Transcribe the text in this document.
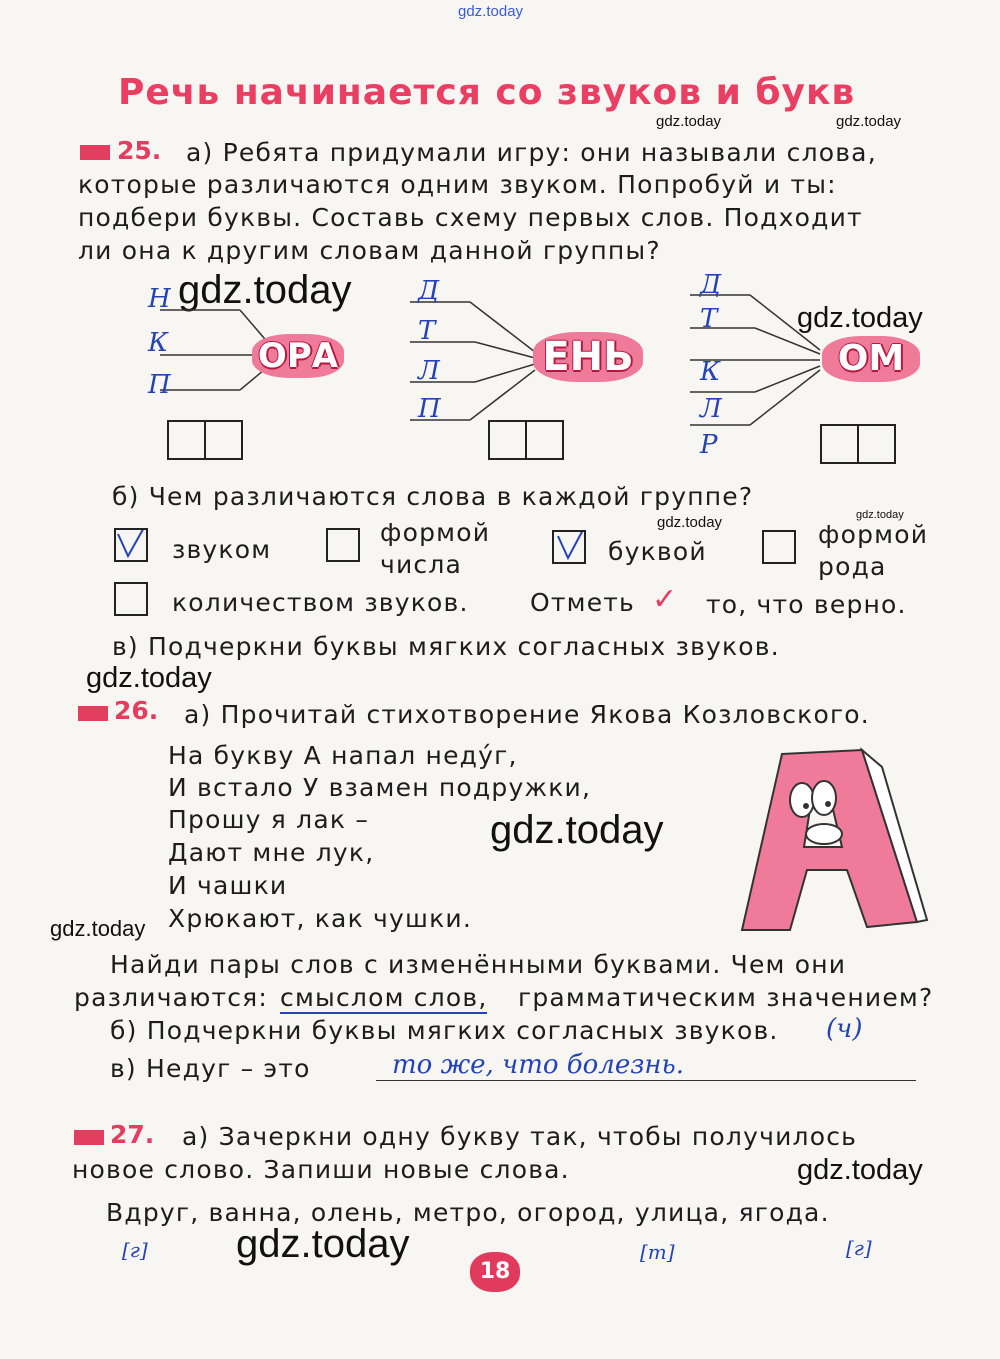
gdz.today
Речь начинается со звуков и букв
gdz.today	gdz.today
25. а) Ребята придумали игру: они называли слова,
которые различаются одним звуком. Попробуй и ты:
подбери буквы. Составь схему первых слов. Подходит
ли она к другим словам данной группы?
gdz.today
gdz.today
Н
К
П
Д
Т
Л
П
Д
Т
К
Л
Р
ОРА	ЕНЬ	ОМ
б) Чем различаются слова в каждой группе?
gdz.today	gdz.today
звуком
формой
числа	буквой
формой
рода
количеством звуков. Отметь ✓ то, что верно.
в) Подчеркни буквы мягких согласных звуков.
gdz.today
26. а) Прочитай стихотворение Якова Козловского.
На букву А напал недýг,
И встало У взамен подружки,
Прошу я лак –
Дают мне лук,
И чашки
Хрюкают, как чушки.
gdz.today
gdz.today
Найди пары слов с изменёнными буквами. Чем они
различаются: смыслом слов, грамматическим значением?
б) Подчеркни буквы мягких согласных звуков. (ч)
в) Недуг – это	то же, что болезнь.
27. а) Зачеркни одну букву так, чтобы получилось
новое слово. Запиши новые слова.	gdz.today
Вдруг, ванна, олень, метро, огород, улица, ягода.
[г]	[т]	[г]
gdz.today
18
